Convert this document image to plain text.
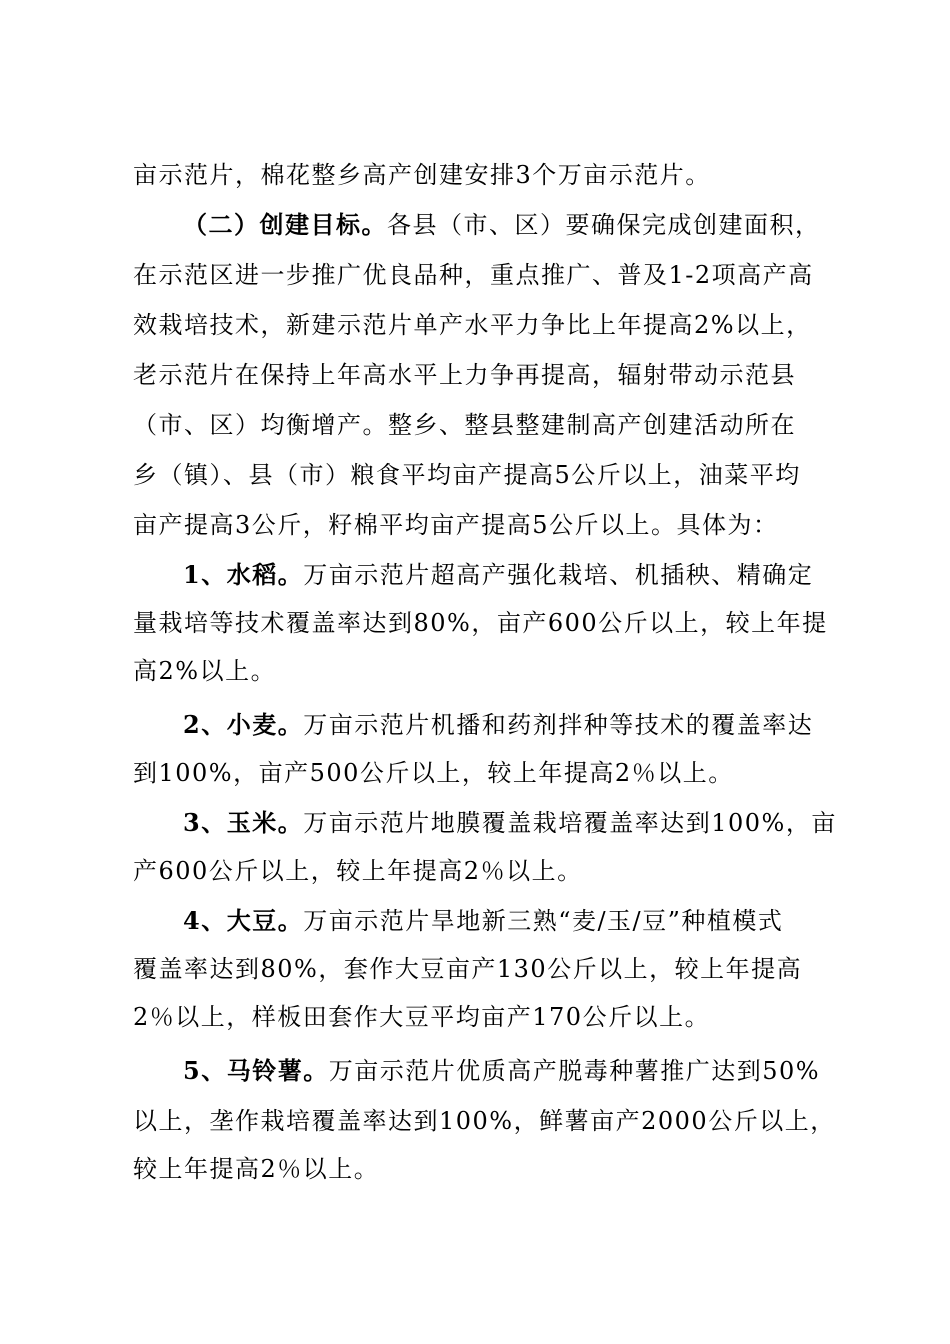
亩示范片，棉花整乡高产创建安排3个万亩示范片。
（二）创建目标。各县（市、区）要确保完成创建面积，
在示范区进一步推广优良品种，重点推广、普及1-2项高产高
效栽培技术，新建示范片单产水平力争比上年提高2%以上，
老示范片在保持上年高水平上力争再提高，辐射带动示范县
（市、区）均衡增产。整乡、整县整建制高产创建活动所在
乡（镇）、县（市）粮食平均亩产提高5公斤以上，油菜平均
亩产提高3公斤，籽棉平均亩产提高5公斤以上。具体为：
1、水稻。万亩示范片超高产强化栽培、机插秧、精确定
量栽培等技术覆盖率达到80%，亩产600公斤以上，较上年提
高2%以上。
2、小麦。万亩示范片机播和药剂拌种等技术的覆盖率达
到100%，亩产500公斤以上，较上年提高2％以上。
3、玉米。万亩示范片地膜覆盖栽培覆盖率达到100%，亩
产600公斤以上，较上年提高2％以上。
4、大豆。万亩示范片旱地新三熟“麦/玉/豆”种植模式
覆盖率达到80%，套作大豆亩产130公斤以上，较上年提高
2％以上，样板田套作大豆平均亩产170公斤以上。
5、马铃薯。万亩示范片优质高产脱毒种薯推广达到50%
以上，垄作栽培覆盖率达到100%，鲜薯亩产2000公斤以上，
较上年提高2％以上。
